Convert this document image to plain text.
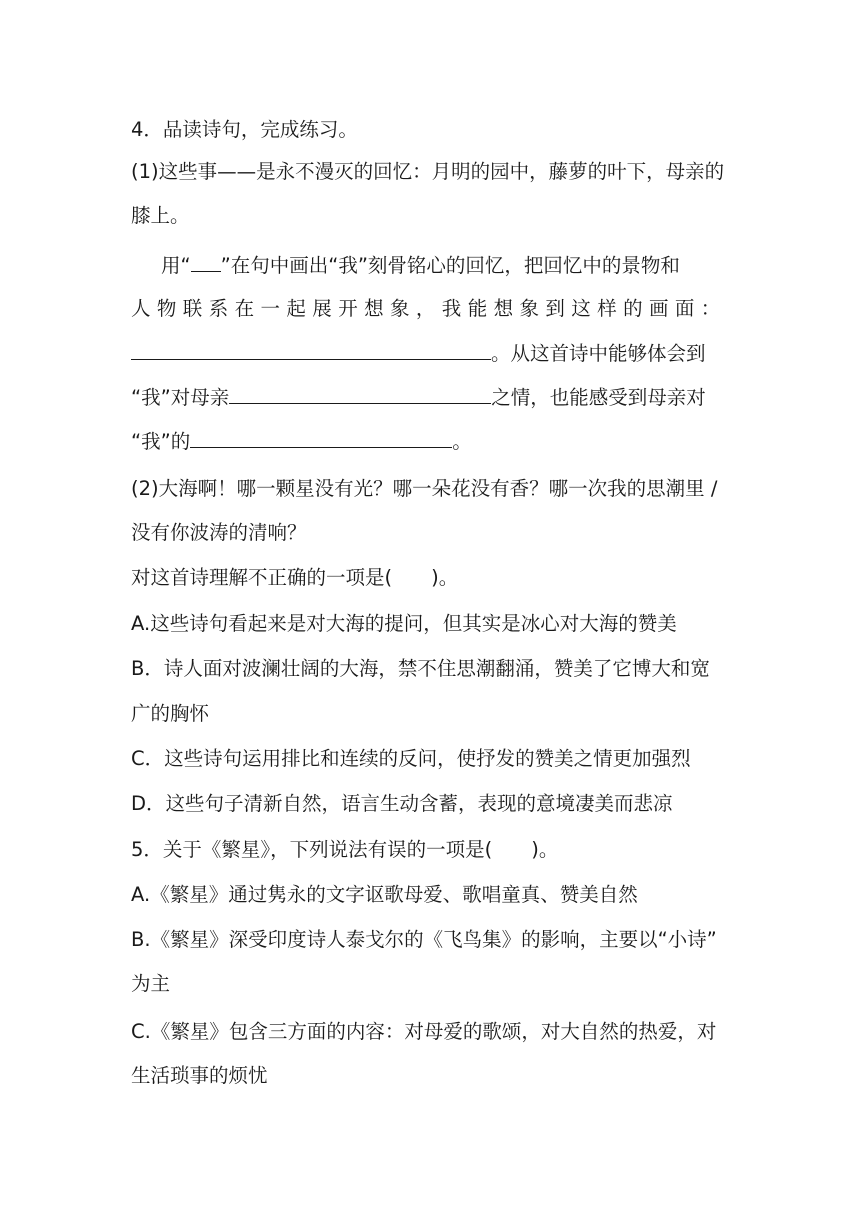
4．品读诗句，完成练习。
(1)这些事——是永不漫灭的回忆：月明的园中，藤萝的叶下，母亲的
膝上。
用“ ”在句中画出“我”刻骨铭心的回忆，把回忆中的景物和
人物联系在一起展开想象，我能想象到这样的画面：
。从这首诗中能够体会到
“我”对母亲	之情，也能感受到母亲对
“我”的	。
(2)大海啊！哪一颗星没有光？哪一朵花没有香？哪一次我的思潮里 /
没有你波涛的清响？
对这首诗理解不正确的一项是(　　)。
A.这些诗句看起来是对大海的提问，但其实是冰心对大海的赞美
B．诗人面对波澜壮阔的大海，禁不住思潮翻涌，赞美了它博大和宽
广的胸怀
C．这些诗句运用排比和连续的反问，使抒发的赞美之情更加强烈
D．这些句子清新自然，语言生动含蓄，表现的意境凄美而悲凉
5．关于《繁星》，下列说法有误的一项是(　　)。
A.《繁星》通过隽永的文字讴歌母爱、歌唱童真、赞美自然
B.《繁星》深受印度诗人泰戈尔的《飞鸟集》的影响，主要以“小诗”
为主
C.《繁星》包含三方面的内容：对母爱的歌颂，对大自然的热爱，对
生活琐事的烦忧
